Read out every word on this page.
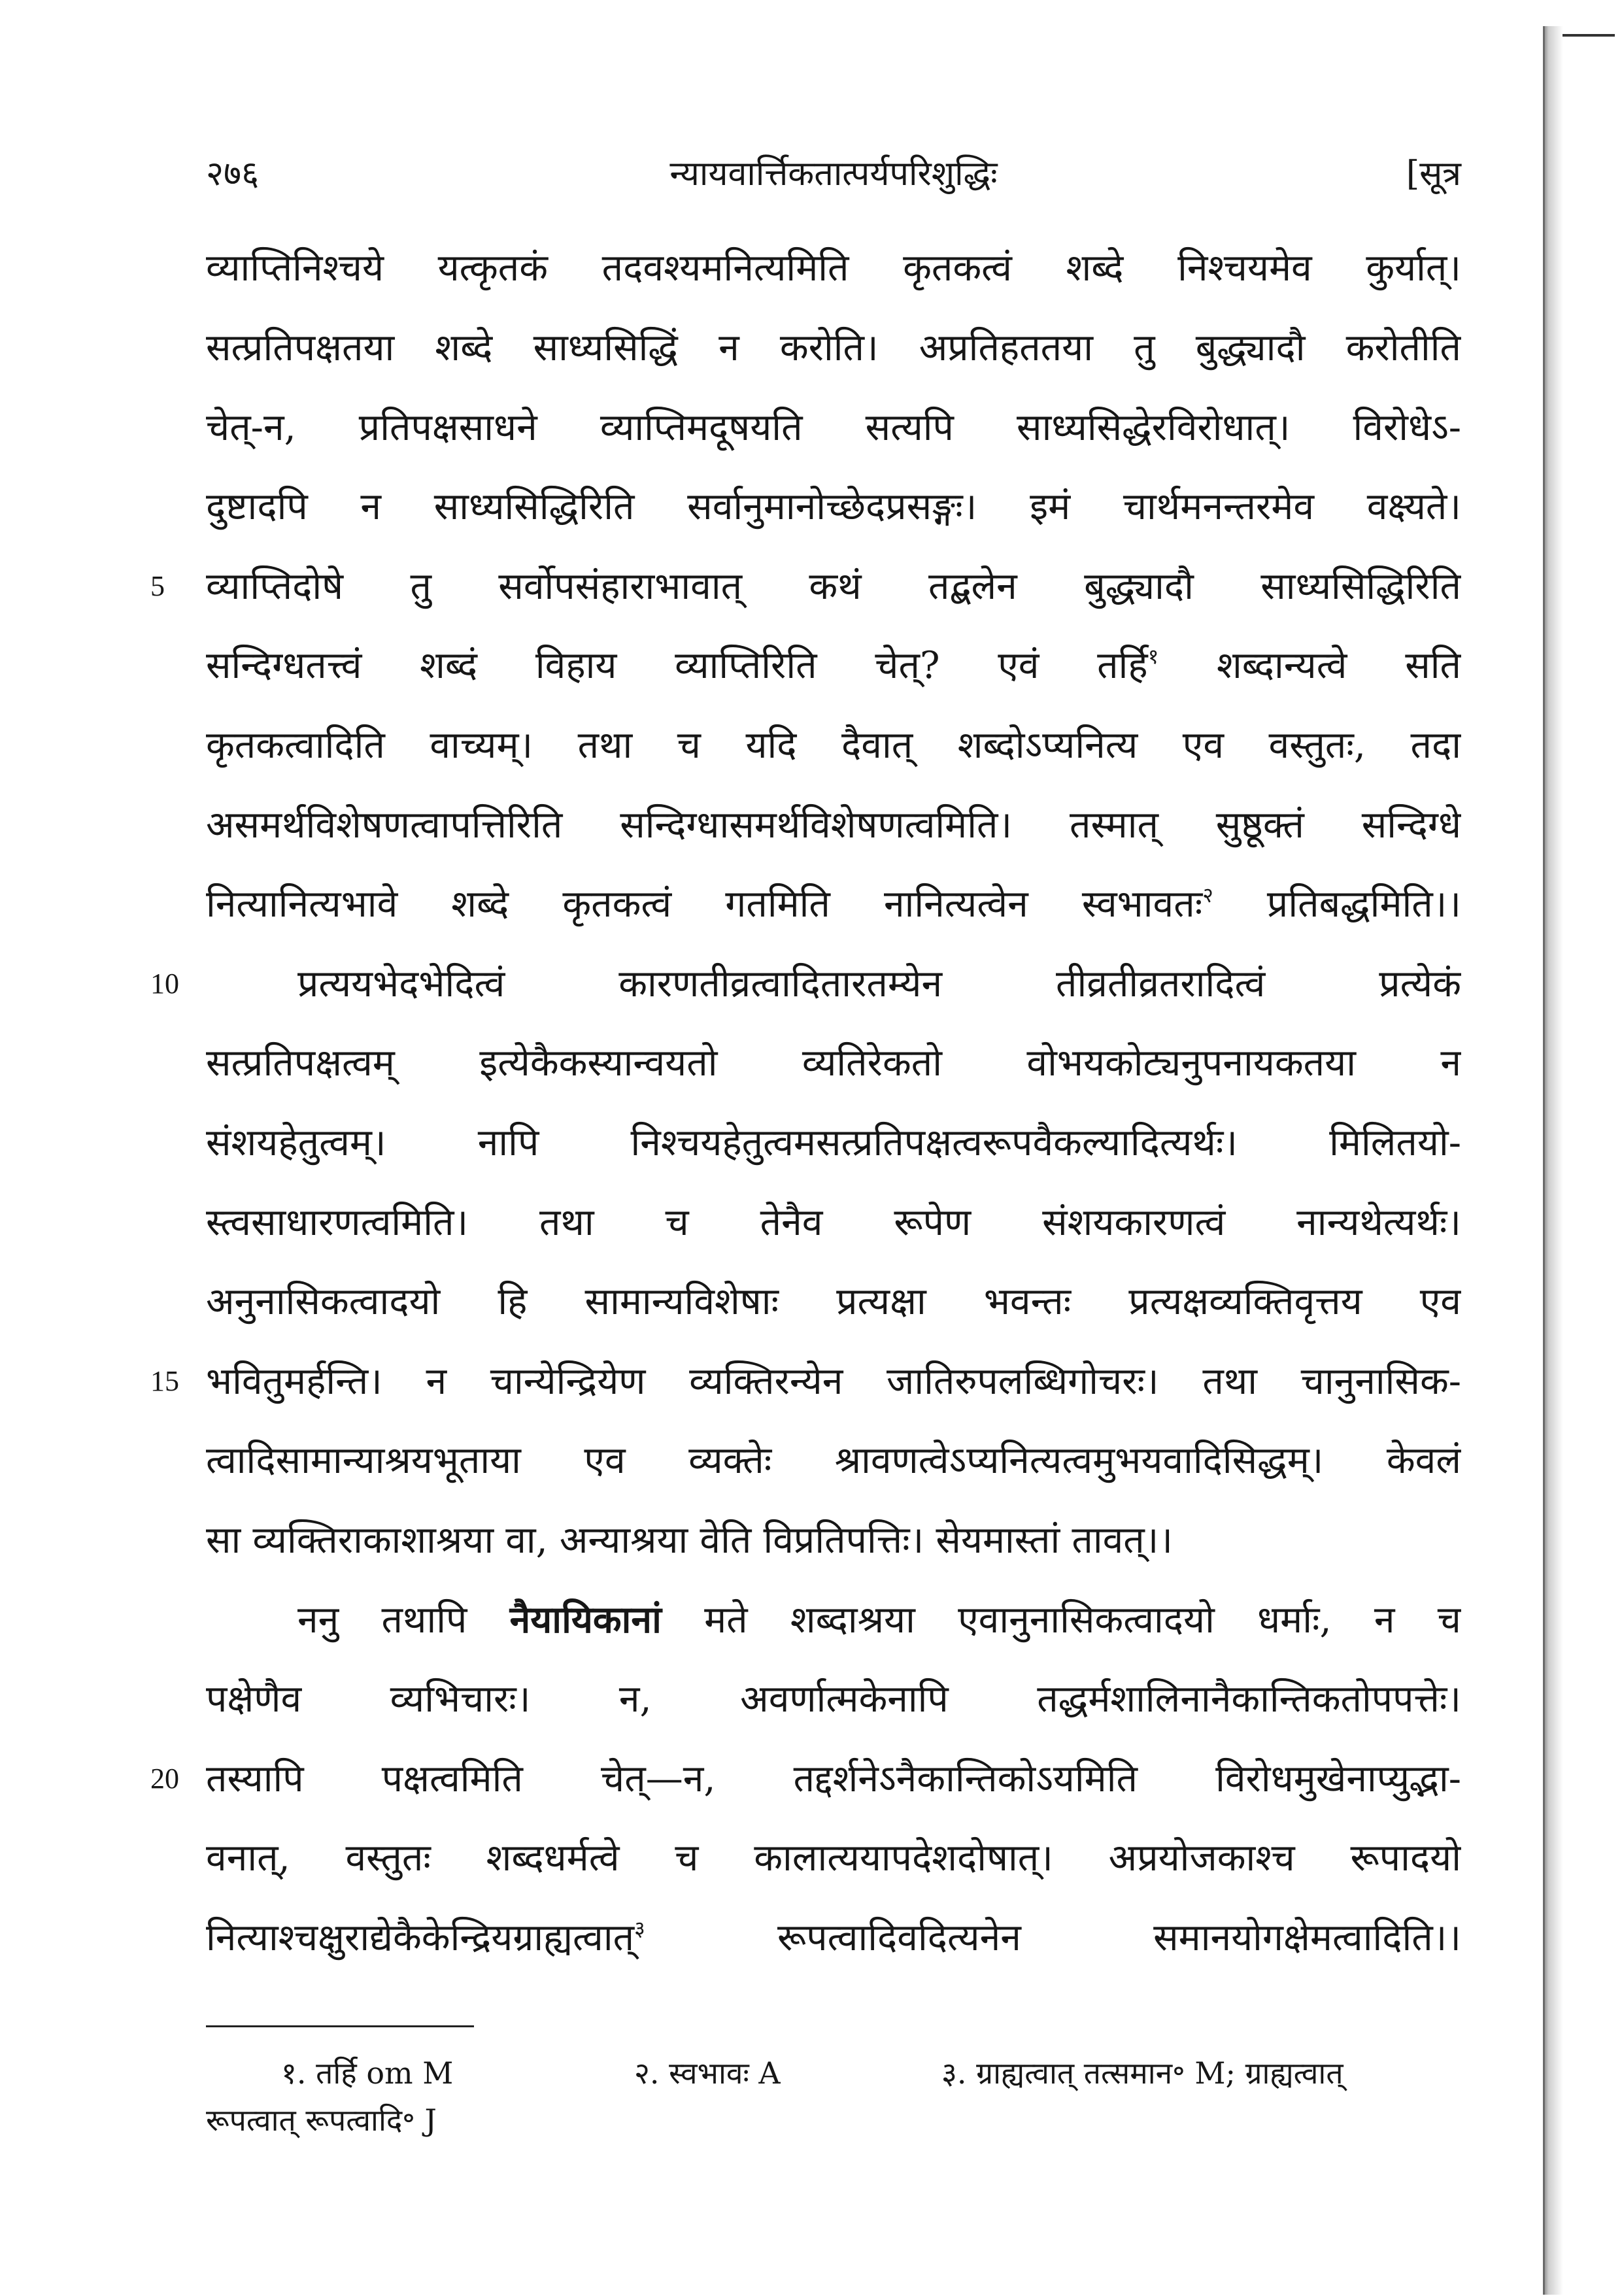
२७६	न्यायवार्त्तिकतात्पर्यपरिशुद्धिः	[सूत्र
व्याप्तिनिश्चये यत्कृतकं तदवश्यमनित्यमिति कृतकत्वं शब्दे निश्चयमेव कुर्यात्।
सत्प्रतिपक्षतया शब्दे साध्यसिद्धिं न करोति। अप्रतिहततया तु बुद्ध्यादौ करोतीति
चेत्-न, प्रतिपक्षसाधने व्याप्तिमदूषयति सत्यपि साध्यसिद्धेरविरोधात्। विरोधेऽ-
दुष्टादपि न साध्यसिद्धिरिति सर्वानुमानोच्छेदप्रसङ्गः। इमं चार्थमनन्तरमेव वक्ष्यते।
5	व्याप्तिदोषे तु सर्वोपसंहाराभावात् कथं तद्बलेन बुद्ध्यादौ साध्यसिद्धिरिति
सन्दिग्धतत्त्वं शब्दं विहाय व्याप्तिरिति चेत्? एवं तर्हि$^१$ शब्दान्यत्वे सति
कृतकत्वादिति वाच्यम्। तथा च यदि दैवात् शब्दोऽप्यनित्य एव वस्तुतः, तदा
असमर्थविशेषणत्वापत्तिरिति सन्दिग्धासमर्थविशेषणत्वमिति। तस्मात् सुष्ठूक्तं सन्दिग्धे
नित्यानित्यभावे शब्दे कृतकत्वं गतमिति नानित्यत्वेन स्वभावतः$^२$ प्रतिबद्धमिति।।
10	प्रत्ययभेदभेदित्वं कारणतीव्रत्वादितारतम्येन तीव्रतीव्रतरादित्वं प्रत्येकं
सत्प्रतिपक्षत्वम् इत्येकैकस्यान्वयतो व्यतिरेकतो वोभयकोट्यनुपनायकतया न
संशयहेतुत्वम्। नापि निश्चयहेतुत्वमसत्प्रतिपक्षत्वरूपवैकल्यादित्यर्थः। मिलितयो-
स्त्वसाधारणत्वमिति। तथा च तेनैव रूपेण संशयकारणत्वं नान्यथेत्यर्थः।
अनुनासिकत्वादयो हि सामान्यविशेषाः प्रत्यक्षा भवन्तः प्रत्यक्षव्यक्तिवृत्तय एव
15 भवितुमर्हन्ति। न चान्येन्द्रियेण व्यक्तिरन्येन जातिरुपलब्धिगोचरः। तथा चानुनासिक-
त्वादिसामान्याश्रयभूताया एव व्यक्तेः श्रावणत्वेऽप्यनित्यत्वमुभयवादिसिद्धम्। केवलं
सा व्यक्तिराकाशाश्रया वा, अन्याश्रया वेति विप्रतिपत्तिः। सेयमास्तां तावत्।।
ननु तथापि नैयायिकानां मते शब्दाश्रया एवानुनासिकत्वादयो धर्माः, न च
पक्षेणैव व्यभिचारः। न, अवर्णात्मकेनापि तद्धर्मशालिनानैकान्तिकतोपपत्तेः।
20 तस्यापि पक्षत्वमिति चेत्—न, तद्दर्शनेऽनैकान्तिकोऽयमिति विरोधमुखेनाप्युद्भा-
वनात्, वस्तुतः शब्दधर्मत्वे च कालात्ययापदेशदोषात्। अप्रयोजकाश्च रूपादयो
नित्याश्चक्षुराद्येकैकेन्द्रियग्राह्यत्वात्$^३$	रूपत्वादिवदित्यनेन समानयोगक्षेमत्वादिति।।
१. तर्हि om M	२. स्वभावः A	३. ग्राह्यत्वात् तत्समान॰ M; ग्राह्यत्वात्
रूपत्वात् रूपत्वादि॰ J
